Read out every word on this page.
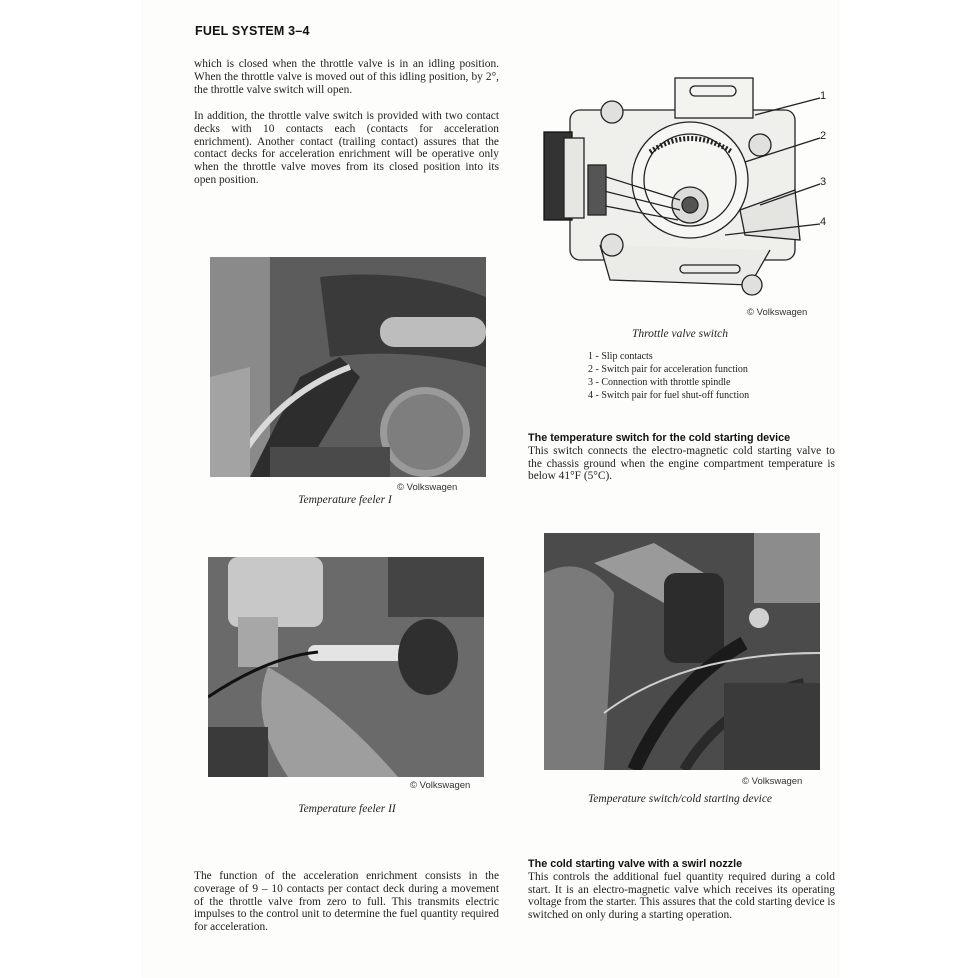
FUEL SYSTEM 3–4

which is closed when the throttle valve is in an idling position. When the throttle valve is moved out of this idling position, by 2°, the throttle valve switch will open.

In addition, the throttle valve switch is provided with two contact decks with 10 contacts each (contacts for acceleration enrichment). Another contact (trailing contact) assures that the contact decks for acceleration enrichment will be operative only when the throttle valve moves from its closed position into its open position.

1
2
3
4
© Volkswagen
Throttle valve switch
1 - Slip contacts
2 - Switch pair for acceleration function
3 - Connection with throttle spindle
4 - Switch pair for fuel shut-off function
The temperature switch for the cold starting device
This switch connects the electro-magnetic cold starting valve to the chassis ground when the engine compartment temperature is below 41°F (5°C).
© Volkswagen
Temperature feeler I
© Volkswagen
Temperature feeler II
© Volkswagen
Temperature switch/cold starting device

The function of the acceleration enrichment consists in the coverage of 9 – 10 contacts per contact deck during a movement of the throttle valve from zero to full. This transmits electric impulses to the control unit to determine the fuel quantity required for acceleration.

The cold starting valve with a swirl nozzle
This controls the additional fuel quantity required during a cold start. It is an electro-magnetic valve which receives its operating voltage from the starter. This assures that the cold starting device is switched on only during a starting operation.
